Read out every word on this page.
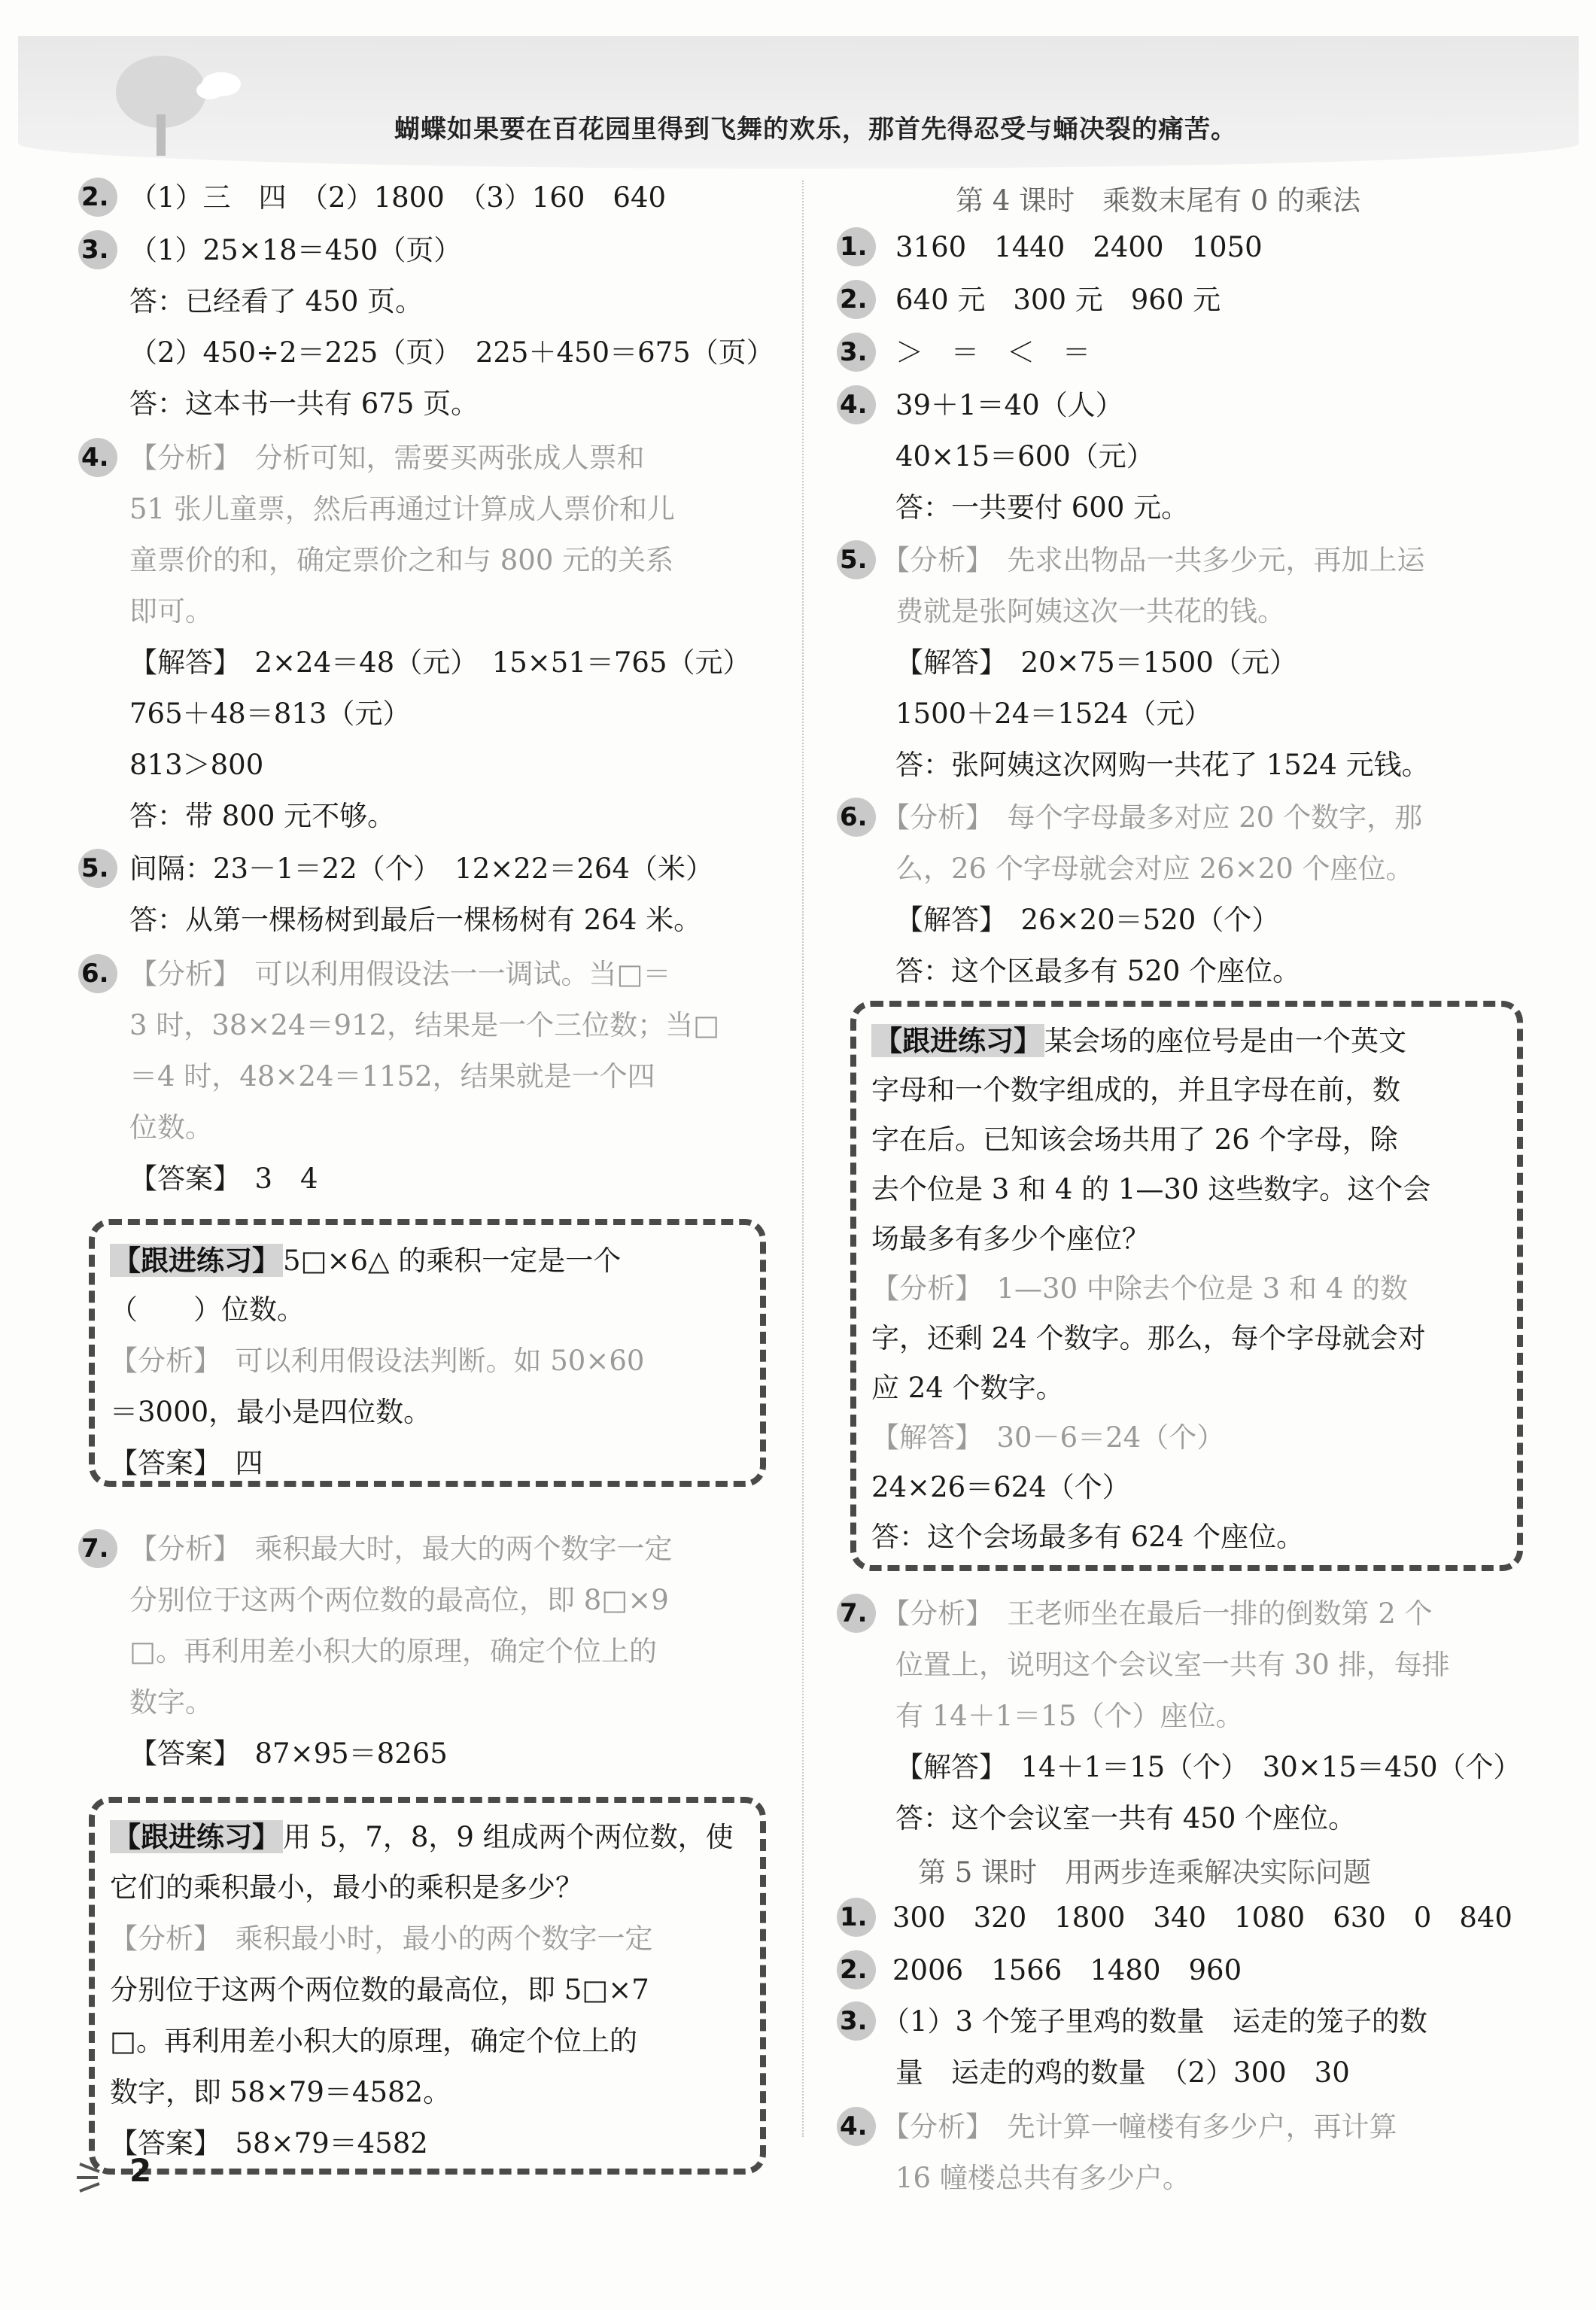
蝴蝶如果要在百花园里得到飞舞的欢乐，那首先得忍受与蛹决裂的痛苦。
2. （1）三　四　（2）1800　（3）160　640
3. （1）25×18＝450（页）
答：已经看了 450 页。
（2）450÷2＝225（页）　225＋450＝675（页）
答：这本书一共有 675 页。
4. 【分析】　分析可知，需要买两张成人票和
51 张儿童票，然后再通过计算成人票价和儿
童票价的和，确定票价之和与 800 元的关系
即可。
【解答】　2×24＝48（元）　15×51＝765（元）
765＋48＝813（元）
813＞800
答：带 800 元不够。
5. 间隔：23－1＝22（个）　12×22＝264（米）
答：从第一棵杨树到最后一棵杨树有 264 米。
6. 【分析】　可以利用假设法一一调试。当□＝
3 时，38×24＝912，结果是一个三位数；当□
＝4 时，48×24＝1152，结果就是一个四
位数。
【答案】　3　4
【跟进练习】 5□×6△ 的乘积一定是一个
（　　）位数。
【分析】　可以利用假设法判断。如 50×60
＝3000，最小是四位数。
【答案】　四
7. 【分析】　乘积最大时，最大的两个数字一定
分别位于这两个两位数的最高位，即 8□×9
□。再利用差小积大的原理，确定个位上的
数字。
【答案】　87×95＝8265
【跟进练习】 用 5，7，8，9 组成两个两位数，使
它们的乘积最小，最小的乘积是多少？
【分析】　乘积最小时，最小的两个数字一定
分别位于这两个两位数的最高位，即 5□×7
□。再利用差小积大的原理，确定个位上的
数字，即 58×79＝4582。
【答案】　58×79＝4582
第 4 课时　乘数末尾有 0 的乘法
1.	3160　1440　2400　1050
2.	640 元　300 元　960 元
3.	＞　＝　＜　＝
4.	39＋1＝40（人）
40×15＝600（元）
答：一共要付 600 元。
5. 【分析】　先求出物品一共多少元，再加上运
费就是张阿姨这次一共花的钱。
【解答】　20×75＝1500（元）
1500＋24＝1524（元）
答：张阿姨这次网购一共花了 1524 元钱。
6. 【分析】　每个字母最多对应 20 个数字，那
么，26 个字母就会对应 26×20 个座位。
【解答】　26×20＝520（个）
答：这个区最多有 520 个座位。
【跟进练习】 某会场的座位号是由一个英文
字母和一个数字组成的，并且字母在前，数
字在后。已知该会场共用了 26 个字母，除
去个位是 3 和 4 的 1—30 这些数字。这个会
场最多有多少个座位？
【分析】　1—30 中除去个位是 3 和 4 的数
字，还剩 24 个数字。那么，每个字母就会对
应 24 个数字。
【解答】　30－6＝24（个）
24×26＝624（个）
答：这个会场最多有 624 个座位。
7. 【分析】　王老师坐在最后一排的倒数第 2 个
位置上，说明这个会议室一共有 30 排，每排
有 14＋1＝15（个）座位。
【解答】　14＋1＝15（个）　30×15＝450（个）
答：这个会议室一共有 450 个座位。
第 5 课时　用两步连乘解决实际问题
1. 300　320　1800　340　1080　630　0　840
2. 2006　1566　1480　960
3. （1）3 个笼子里鸡的数量　运走的笼子的数
量　运走的鸡的数量　（2）300　30
4. 【分析】　先计算一幢楼有多少户，再计算
16 幢楼总共有多少户。
2
